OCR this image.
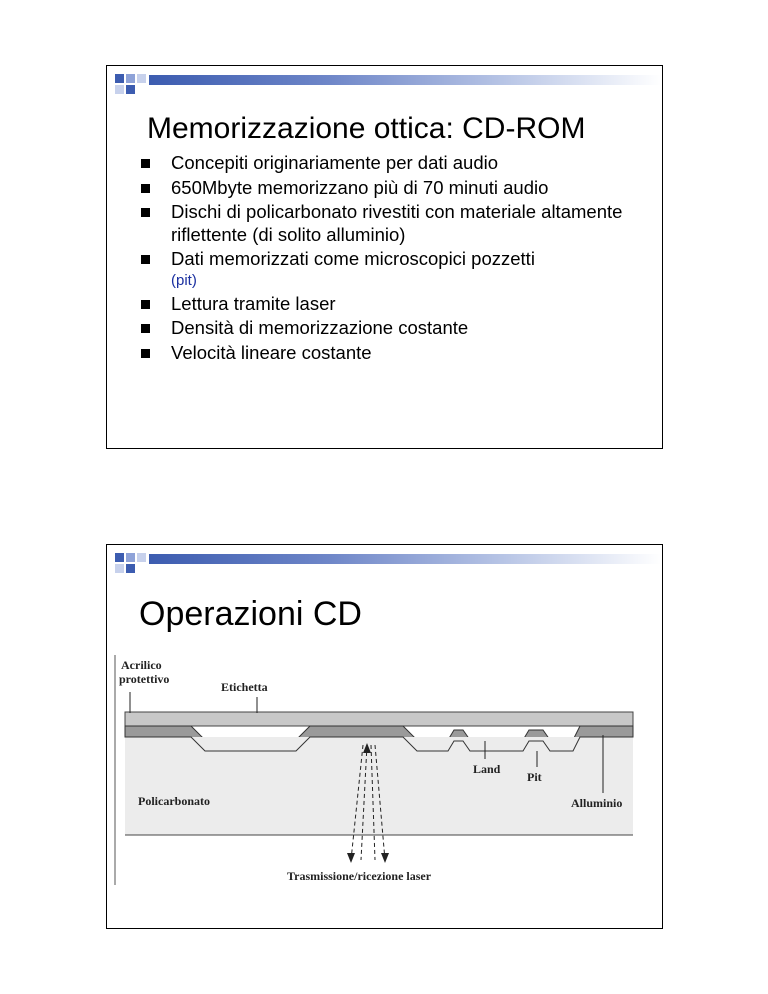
Memorizzazione ottica: CD-ROM
Concepiti originariamente per dati audio
650Mbyte memorizzano più di 70 minuti audio
Dischi di policarbonato rivestiti con materiale altamente riflettente (di solito alluminio)
Dati memorizzati come microscopici pozzetti
(pit)
Lettura tramite laser
Densità di memorizzazione costante
Velocità lineare costante
Operazioni CD
Acrilico
protettivo
Etichetta
Land
Pit
Policarbonato	Alluminio
Trasmissione/ricezione laser
